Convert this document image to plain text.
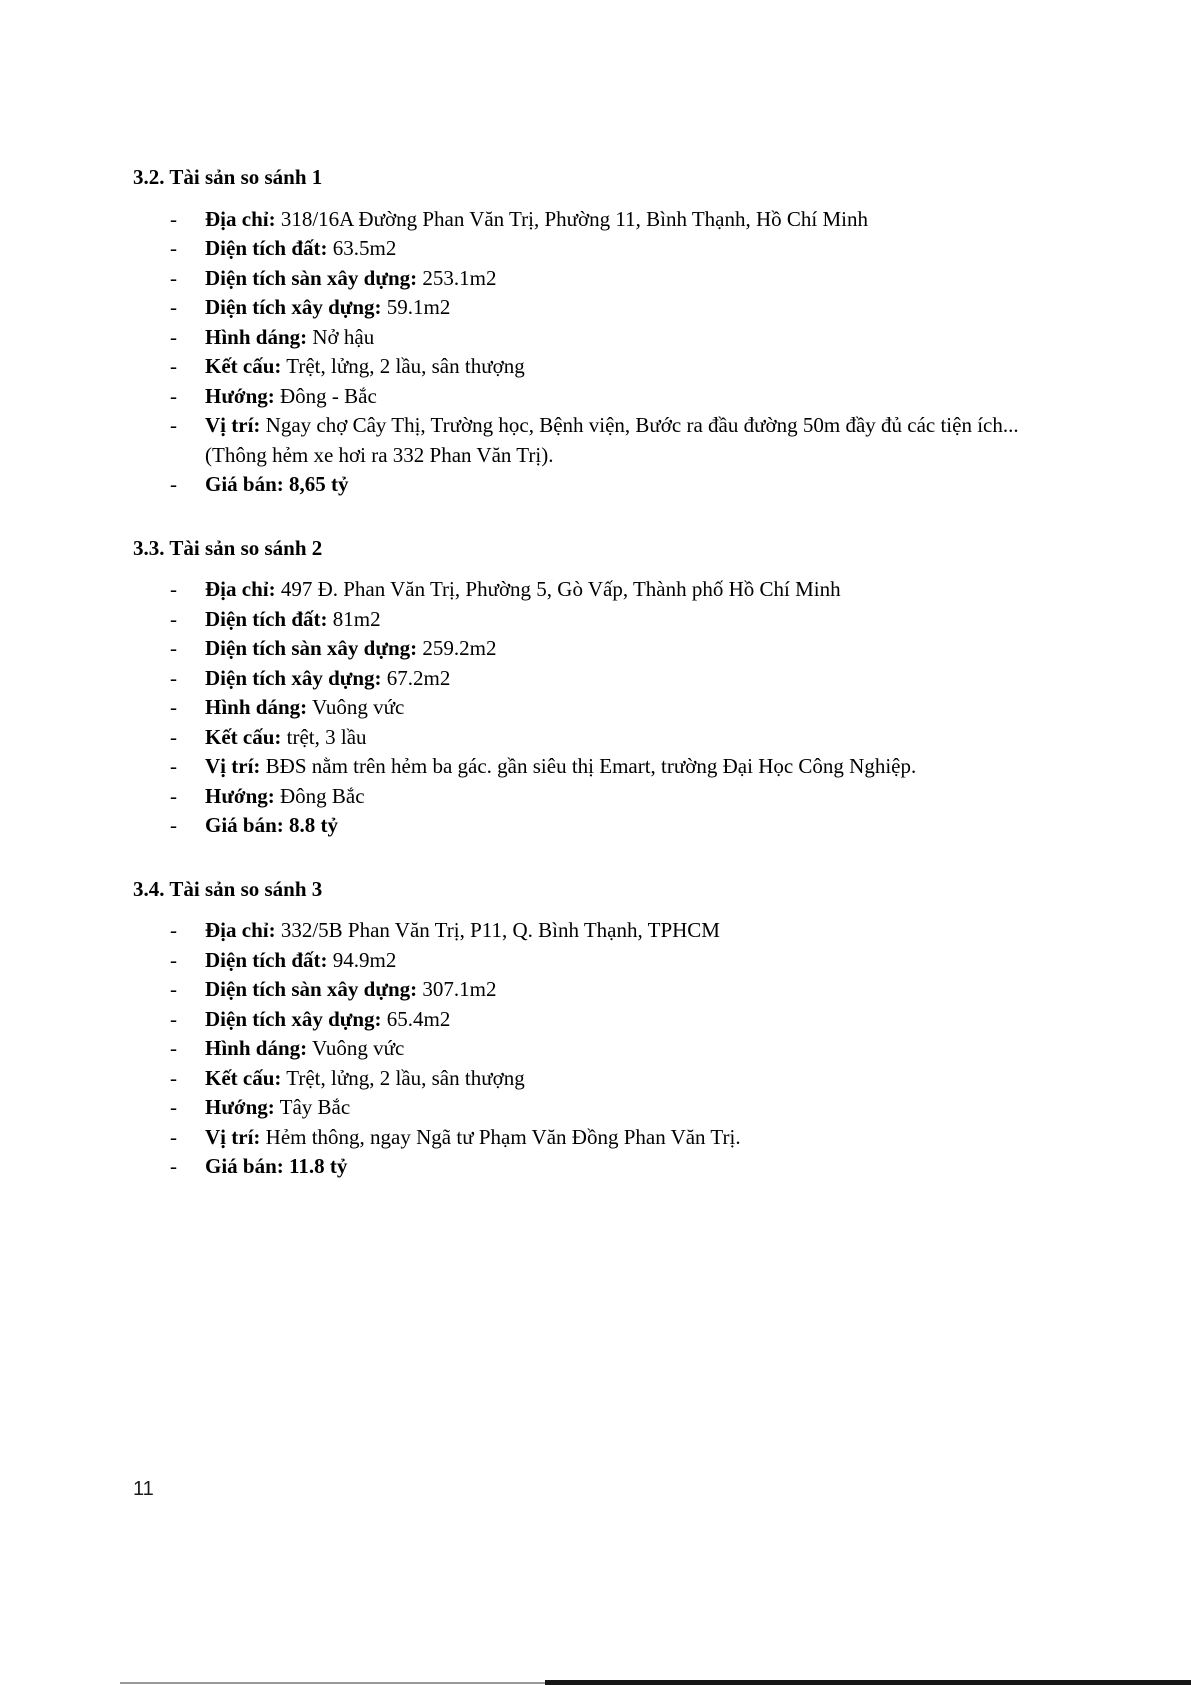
3.2. Tài sản so sánh 1
-	Địa chỉ: 318/16A Đường Phan Văn Trị, Phường 11, Bình Thạnh, Hồ Chí Minh
-	Diện tích đất: 63.5m2
-	Diện tích sàn xây dựng: 253.1m2
-	Diện tích xây dựng: 59.1m2
-	Hình dáng: Nở hậu
-	Kết cấu: Trệt, lửng, 2 lầu, sân thượng
-	Hướng: Đông - Bắc
-	Vị trí: Ngay chợ Cây Thị, Trường học, Bệnh viện, Bước ra đầu đường 50m đầy đủ các tiện ích... (Thông hẻm xe hơi ra 332 Phan Văn Trị).
-	Giá bán: 8,65 tỷ
3.3. Tài sản so sánh 2
-	Địa chỉ: 497 Đ. Phan Văn Trị, Phường 5, Gò Vấp, Thành phố Hồ Chí Minh
-	Diện tích đất: 81m2
-	Diện tích sàn xây dựng: 259.2m2
-	Diện tích xây dựng: 67.2m2
-	Hình dáng: Vuông vức
-	Kết cấu: trệt, 3 lầu
-	Vị trí: BĐS nằm trên hẻm ba gác. gần siêu thị Emart, trường Đại Học Công Nghiệp.
-	Hướng: Đông Bắc
-	Giá bán: 8.8 tỷ
3.4. Tài sản so sánh 3
-	Địa chỉ: 332/5B Phan Văn Trị, P11, Q. Bình Thạnh, TPHCM
-	Diện tích đất: 94.9m2
-	Diện tích sàn xây dựng: 307.1m2
-	Diện tích xây dựng: 65.4m2
-	Hình dáng: Vuông vức
-	Kết cấu: Trệt, lửng, 2 lầu, sân thượng
-	Hướng: Tây Bắc
-	Vị trí: Hẻm thông, ngay Ngã tư Phạm Văn Đồng Phan Văn Trị.
-	Giá bán: 11.8 tỷ
11
